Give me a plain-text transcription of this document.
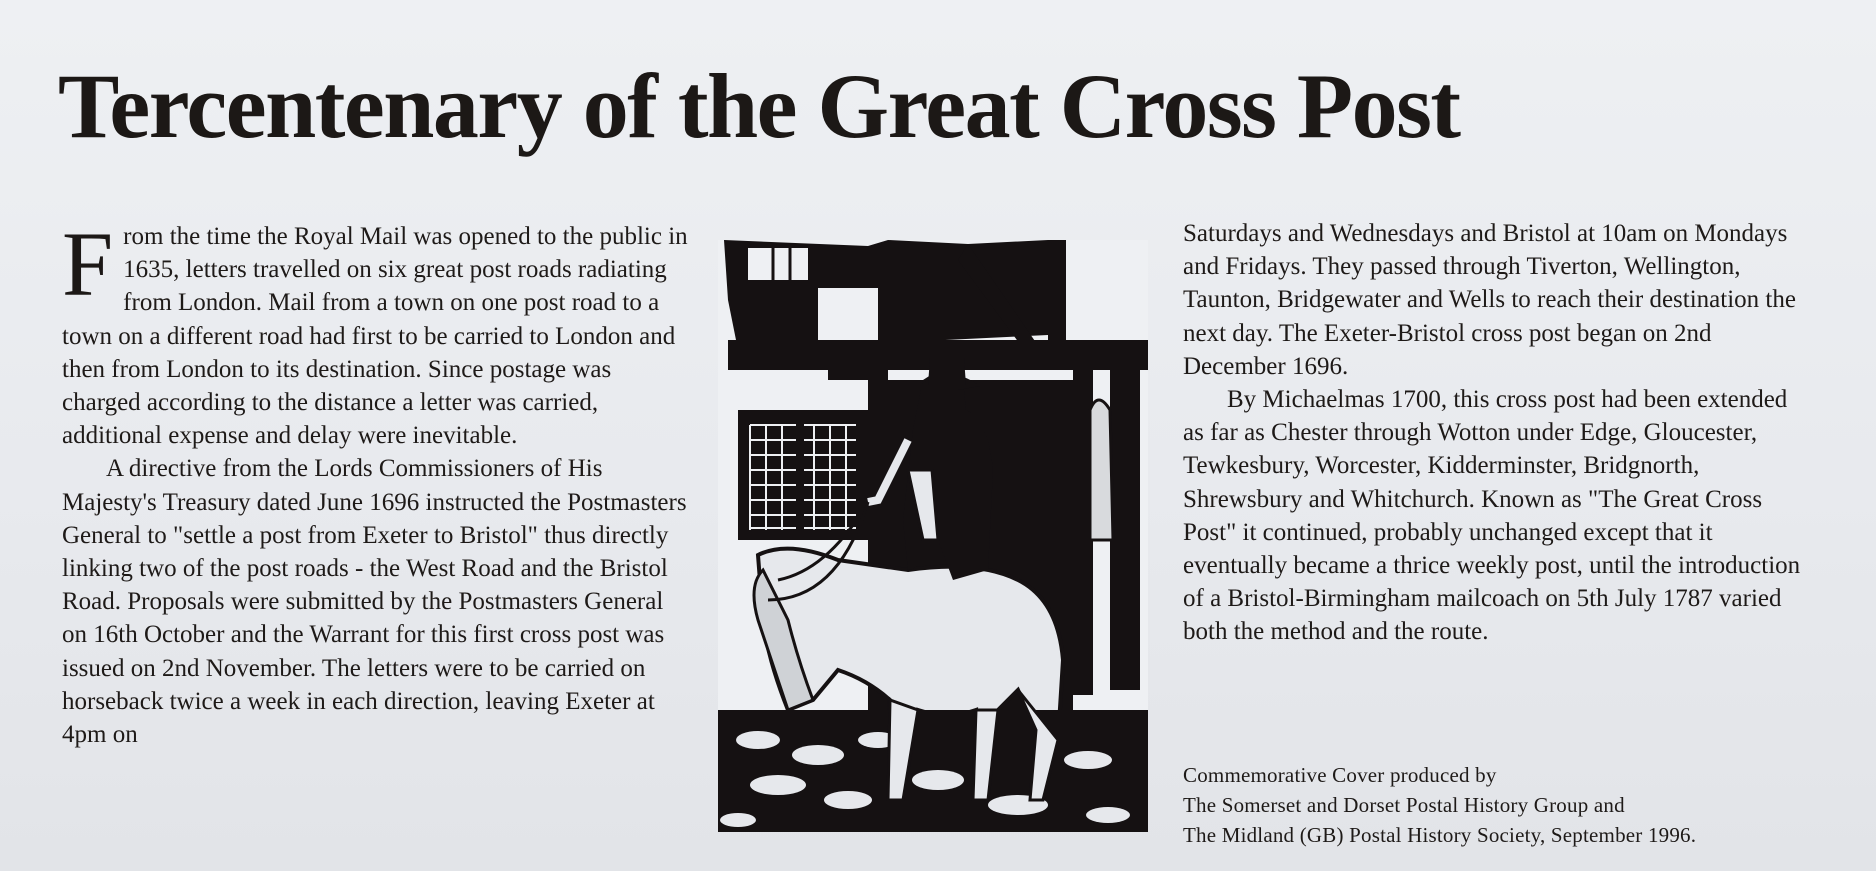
Tercentenary of the Great Cross Post

From the time the Royal Mail was opened to the public in 1635, letters travelled on six great post roads radiating from London. Mail from a town on one post road to a town on a different road had first to be carried to London and then from London to its destination. Since postage was charged according to the distance a letter was carried, additional expense and delay were inevitable.

A directive from the Lords Commissioners of His Majesty's Treasury dated June 1696 instructed the Postmasters General to "settle a post from Exeter to Bristol" thus directly linking two of the post roads - the West Road and the Bristol Road. Proposals were submitted by the Postmasters General on 16th October and the Warrant for this first cross post was issued on 2nd November. The letters were to be carried on horseback twice a week in each direction, leaving Exeter at 4pm on

Saturdays and Wednesdays and Bristol at 10am on Mondays and Fridays. They passed through Tiverton, Wellington, Taunton, Bridgewater and Wells to reach their destination the next day. The Exeter-Bristol cross post began on 2nd December 1696.

By Michaelmas 1700, this cross post had been extended as far as Chester through Wotton under Edge, Gloucester, Tewkesbury, Worcester, Kidderminster, Bridgnorth, Shrewsbury and Whitchurch. Known as "The Great Cross Post" it continued, probably unchanged except that it eventually became a thrice weekly post, until the introduction of a Bristol-Birmingham mailcoach on 5th July 1787 varied both the method and the route.

Commemorative Cover produced by
The Somerset and Dorset Postal History Group and
The Midland (GB) Postal History Society, September 1996.
